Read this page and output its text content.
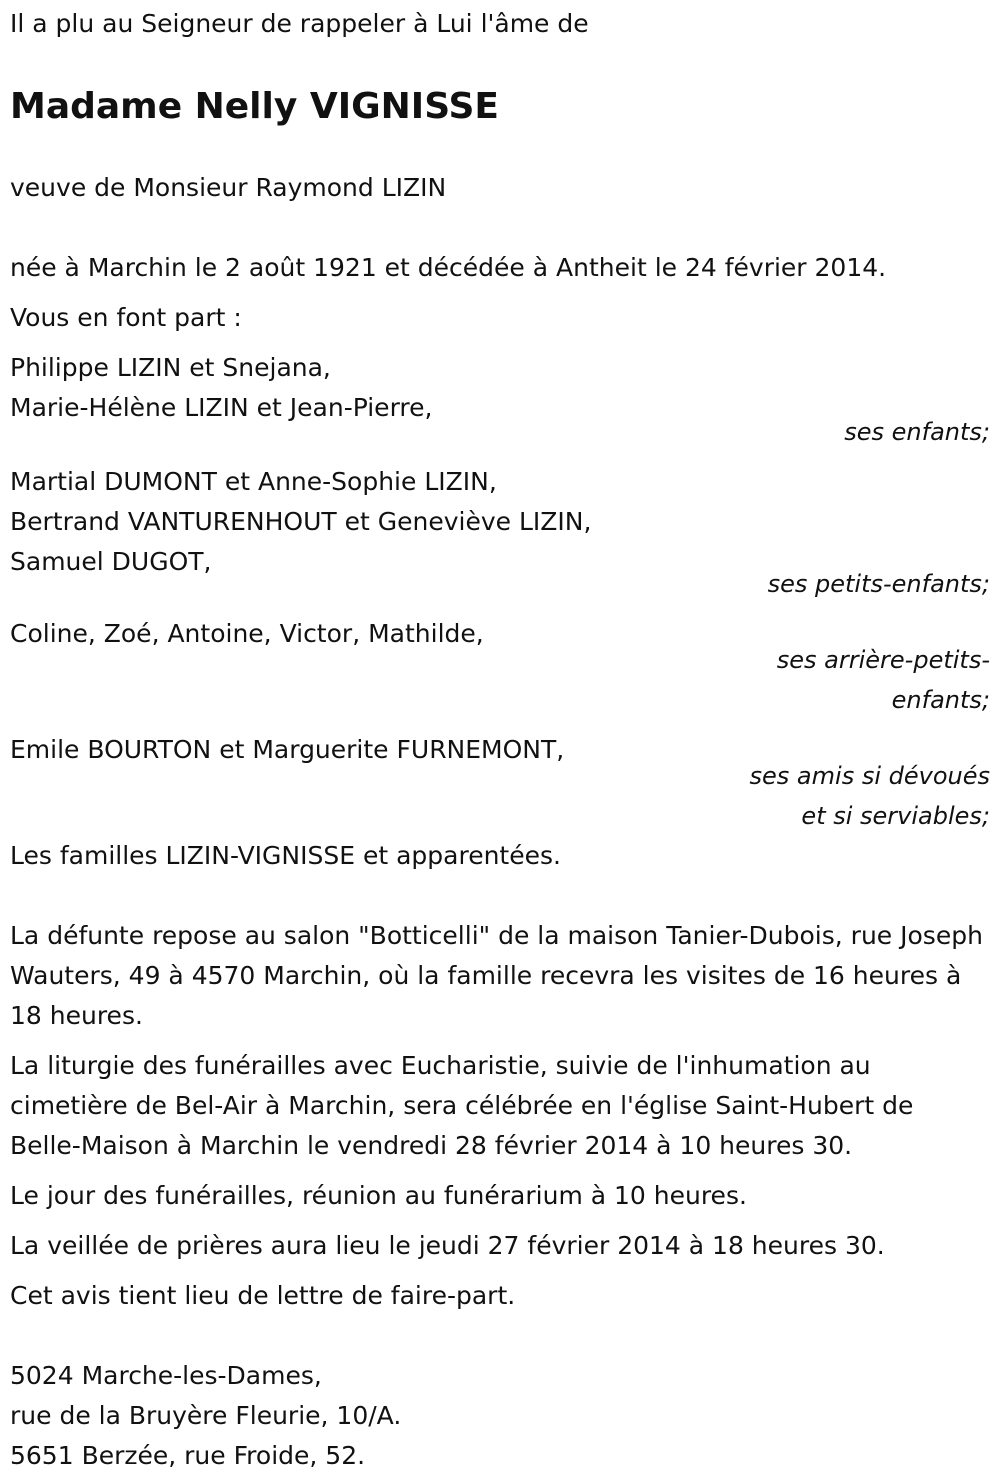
Il a plu au Seigneur de rappeler à Lui l'âme de
Madame Nelly VIGNISSE
veuve de Monsieur Raymond LIZIN
née à Marchin le 2 août 1921 et décédée à Antheit le 24 février 2014.
Vous en font part :
Philippe LIZIN et Snejana,
Marie-Hélène LIZIN et Jean-Pierre,
ses enfants;
Martial DUMONT et Anne-Sophie LIZIN,
Bertrand VANTURENHOUT et Geneviève LIZIN,
Samuel DUGOT,
ses petits-enfants;
Coline, Zoé, Antoine, Victor, Mathilde,
ses arrière-petits-
enfants;
Emile BOURTON et Marguerite FURNEMONT,
ses amis si dévoués
et si serviables;
Les familles LIZIN-VIGNISSE et apparentées.
La défunte repose au salon "Botticelli" de la maison Tanier-Dubois, rue Joseph Wauters, 49 à 4570 Marchin, où la famille recevra les visites de 16 heures à 18 heures.
La liturgie des funérailles avec Eucharistie, suivie de l'inhumation au cimetière de Bel-Air à Marchin, sera célébrée en l'église Saint-Hubert de Belle-Maison à Marchin le vendredi 28 février 2014 à 10 heures 30.
Le jour des funérailles, réunion au funérarium à 10 heures.
La veillée de prières aura lieu le jeudi 27 février 2014 à 18 heures 30.
Cet avis tient lieu de lettre de faire-part.
5024 Marche-les-Dames,
rue de la Bruyère Fleurie, 10/A.
5651 Berzée, rue Froide, 52.
